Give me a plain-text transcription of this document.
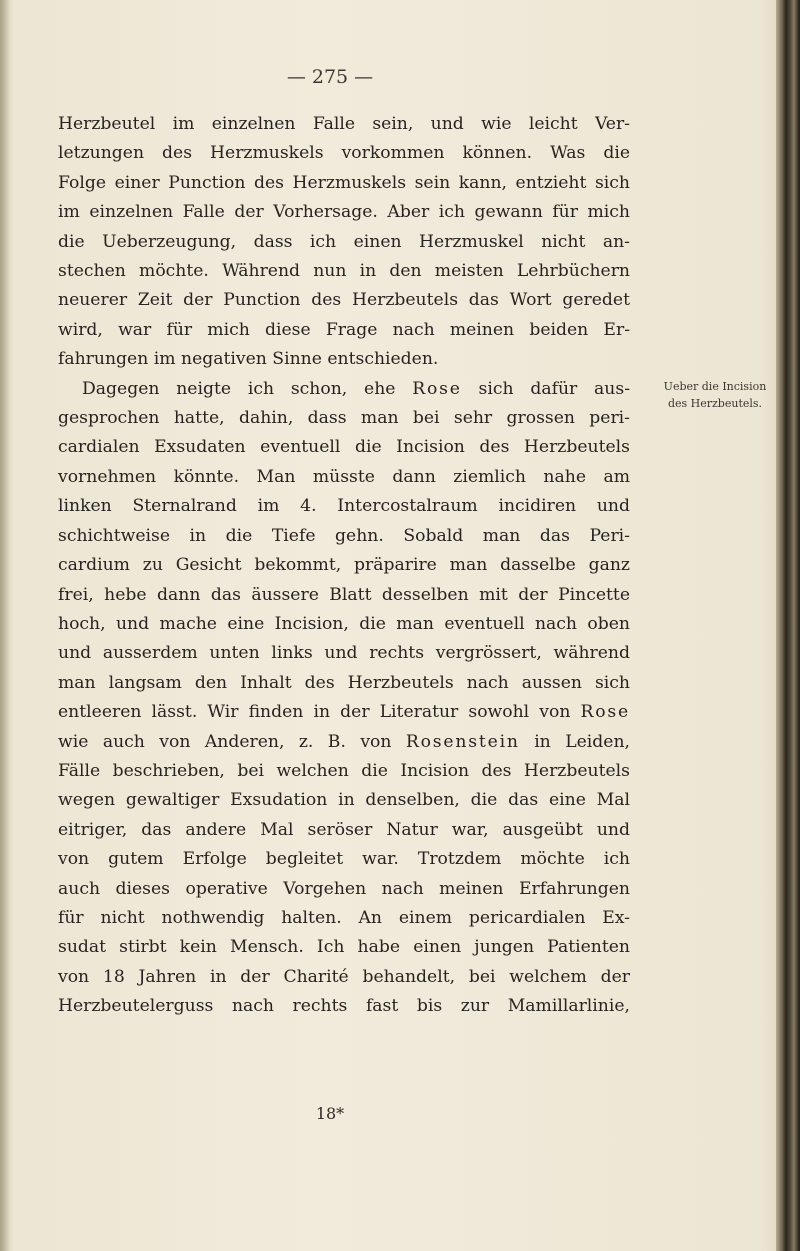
— 275 —
Herzbeutel im einzelnen Falle sein, und wie leicht Ver-
letzungen des Herzmuskels vorkommen können. Was die
Folge einer Punction des Herzmuskels sein kann, entzieht sich
im einzelnen Falle der Vorhersage. Aber ich gewann für mich
die Ueberzeugung, dass ich einen Herzmuskel nicht an-
stechen möchte. Während nun in den meisten Lehrbüchern
neuerer Zeit der Punction des Herzbeutels das Wort geredet
wird, war für mich diese Frage nach meinen beiden Er-
fahrungen im negativen Sinne entschieden.
Dagegen neigte ich schon, ehe Rose sich dafür aus-
gesprochen hatte, dahin, dass man bei sehr grossen peri-
cardialen Exsudaten eventuell die Incision des Herzbeutels
vornehmen könnte. Man müsste dann ziemlich nahe am
linken Sternalrand im 4. Intercostalraum incidiren und
schichtweise in die Tiefe gehn. Sobald man das Peri-
cardium zu Gesicht bekommt, präparire man dasselbe ganz
frei, hebe dann das äussere Blatt desselben mit der Pincette
hoch, und mache eine Incision, die man eventuell nach oben
und ausserdem unten links und rechts vergrössert, während
man langsam den Inhalt des Herzbeutels nach aussen sich
entleeren lässt. Wir finden in der Literatur sowohl von Rose
wie auch von Anderen, z. B. von Rosenstein in Leiden,
Fälle beschrieben, bei welchen die Incision des Herzbeutels
wegen gewaltiger Exsudation in denselben, die das eine Mal
eitriger, das andere Mal seröser Natur war, ausgeübt und
von gutem Erfolge begleitet war. Trotzdem möchte ich
auch dieses operative Vorgehen nach meinen Erfahrungen
für nicht nothwendig halten. An einem pericardialen Ex-
sudat stirbt kein Mensch. Ich habe einen jungen Patienten
von 18 Jahren in der Charité behandelt, bei welchem der
Herzbeutelerguss nach rechts fast bis zur Mamillarlinie,
Ueber die Incision
des Herzbeutels.
18*
